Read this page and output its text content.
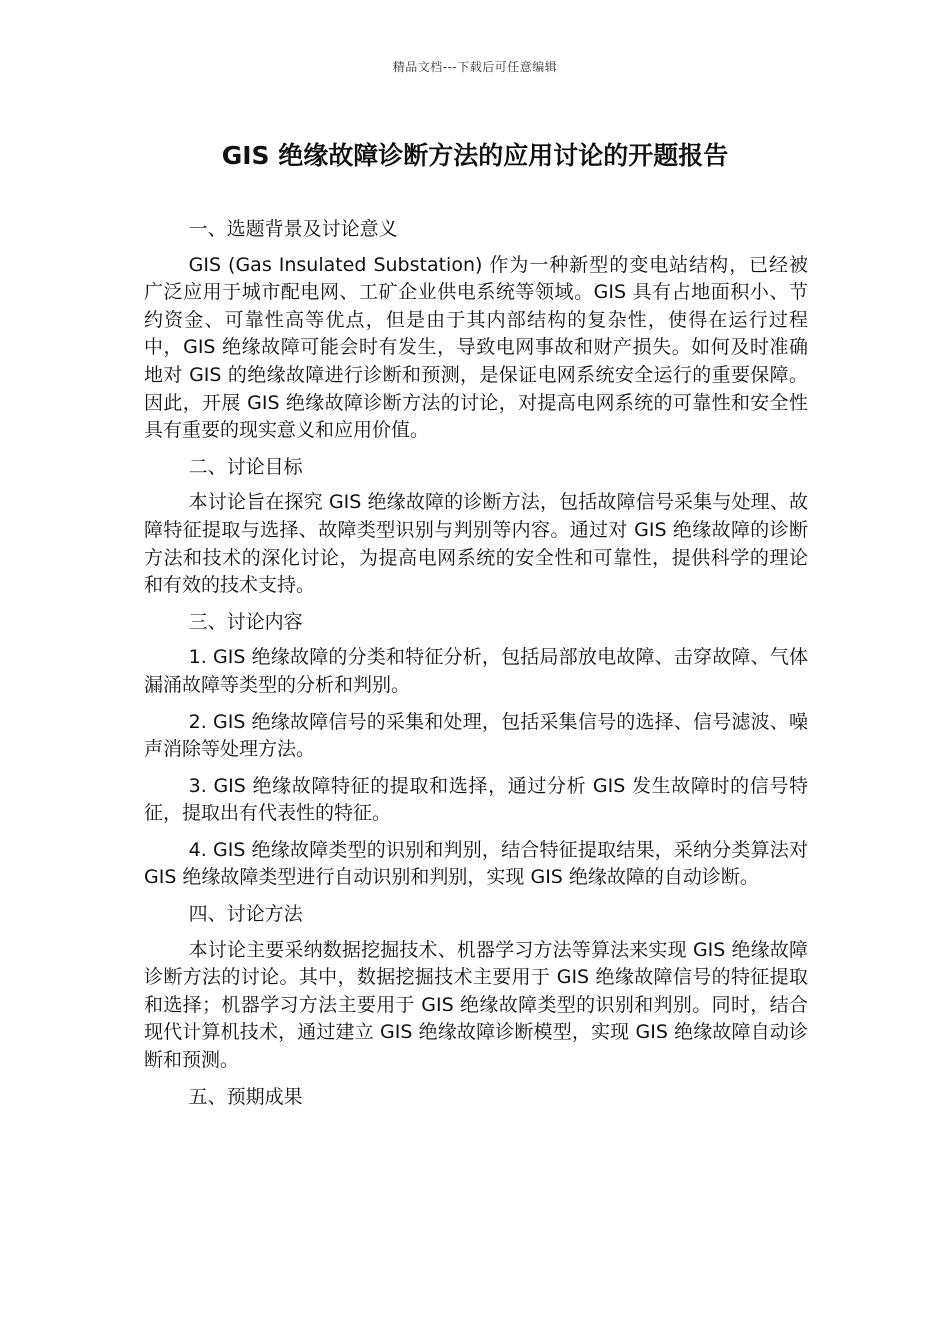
精品文档---下载后可任意编辑
GIS 绝缘故障诊断方法的应用讨论的开题报告

一、选题背景及讨论意义

GIS (Gas Insulated Substation) 作为一种新型的变电站结构，已经被广泛应用于城市配电网、工矿企业供电系统等领域。GIS 具有占地面积小、节约资金、可靠性高等优点，但是由于其内部结构的复杂性，使得在运行过程中，GIS 绝缘故障可能会时有发生，导致电网事故和财产损失。如何及时准确地对 GIS 的绝缘故障进行诊断和预测，是保证电网系统安全运行的重要保障。因此，开展 GIS 绝缘故障诊断方法的讨论，对提高电网系统的可靠性和安全性具有重要的现实意义和应用价值。

二、讨论目标

本讨论旨在探究 GIS 绝缘故障的诊断方法，包括故障信号采集与处理、故障特征提取与选择、故障类型识别与判别等内容。通过对 GIS 绝缘故障的诊断方法和技术的深化讨论，为提高电网系统的安全性和可靠性，提供科学的理论和有效的技术支持。

三、讨论内容

1. GIS 绝缘故障的分类和特征分析，包括局部放电故障、击穿故障、气体漏涌故障等类型的分析和判别。

2. GIS 绝缘故障信号的采集和处理，包括采集信号的选择、信号滤波、噪声消除等处理方法。

3. GIS 绝缘故障特征的提取和选择，通过分析 GIS 发生故障时的信号特征，提取出有代表性的特征。

4. GIS 绝缘故障类型的识别和判别，结合特征提取结果，采纳分类算法对 GIS 绝缘故障类型进行自动识别和判别，实现 GIS 绝缘故障的自动诊断。

四、讨论方法

本讨论主要采纳数据挖掘技术、机器学习方法等算法来实现 GIS 绝缘故障诊断方法的讨论。其中，数据挖掘技术主要用于 GIS 绝缘故障信号的特征提取和选择；机器学习方法主要用于 GIS 绝缘故障类型的识别和判别。同时，结合现代计算机技术，通过建立 GIS 绝缘故障诊断模型，实现 GIS 绝缘故障自动诊断和预测。

五、预期成果
